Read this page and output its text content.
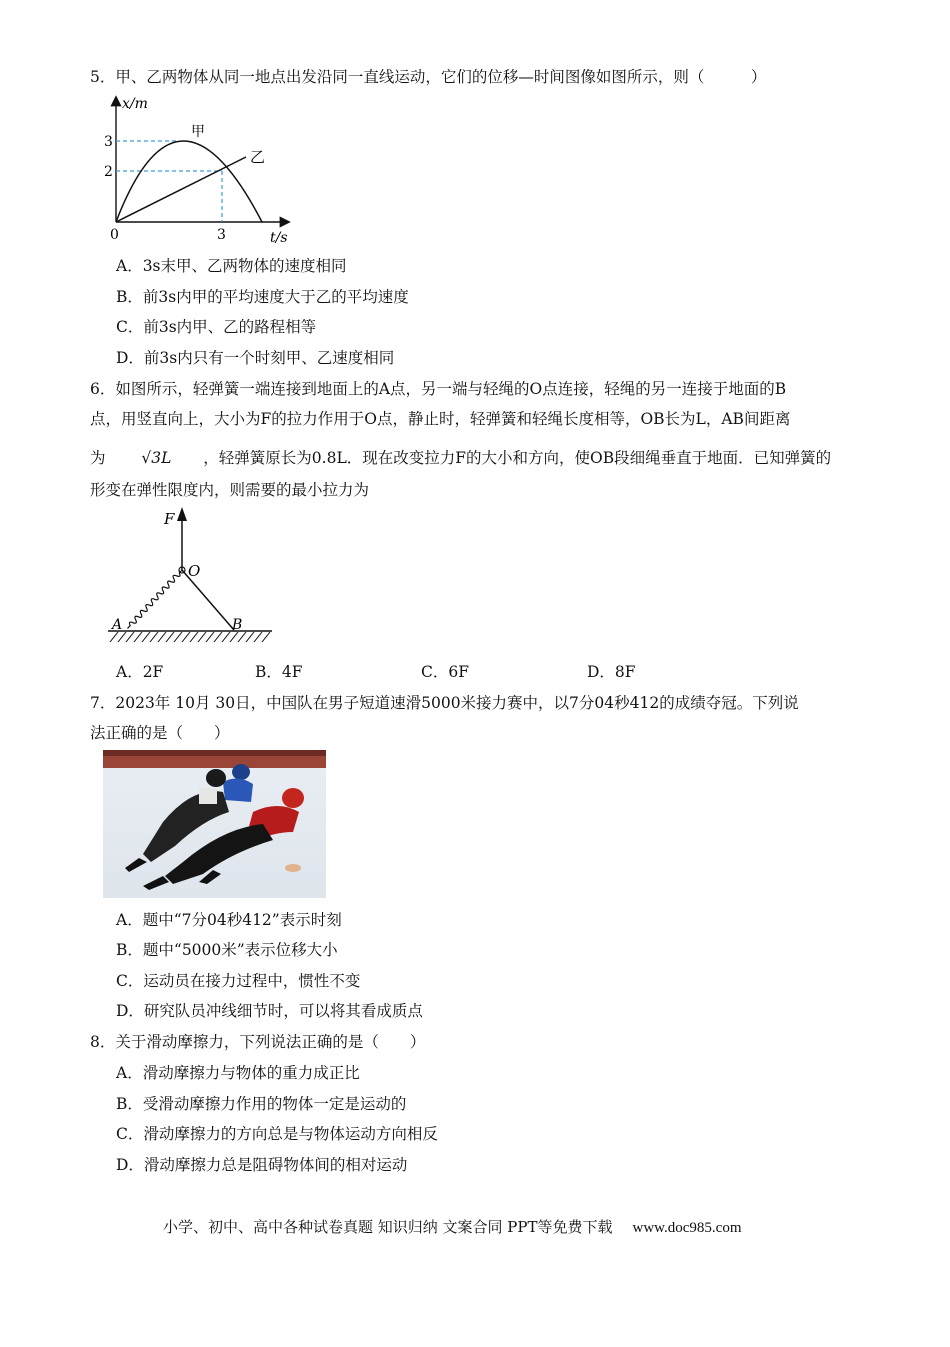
5．甲、乙两物体从同一地点出发沿同一直线运动，它们的位移—时间图像如图所示，则（　　　）
x/m
t/s
0
3
2
3
甲
乙
A．3s末甲、乙两物体的速度相同
B．前3s内甲的平均速度大于乙的平均速度
C．前3s内甲、乙的路程相等
D．前3s内只有一个时刻甲、乙速度相同
6．如图所示，轻弹簧一端连接到地面上的A点，另一端与轻绳的O点连接，轻绳的另一连接于地面的B
点，用竖直向上，大小为F的拉力作用于O点，静止时，轻弹簧和轻绳长度相等，OB长为L，AB间距离
为 √3L ，轻弹簧原长为0.8L．现在改变拉力F的大小和方向，使OB段细绳垂直于地面．已知弹簧的
形变在弹性限度内，则需要的最小拉力为
F
O
A	B
A．2F	B．4F	C．6F	D．8F
7．2023年 10月 30日，中国队在男子短道速滑5000米接力赛中，以7分04秒412的成绩夺冠。下列说
法正确的是（　　）
A．题中“7分04秒412”表示时刻
B．题中“5000米”表示位移大小
C．运动员在接力过程中，惯性不变
D．研究队员冲线细节时，可以将其看成质点
8．关于滑动摩擦力，下列说法正确的是（　　）
A．滑动摩擦力与物体的重力成正比
B．受滑动摩擦力作用的物体一定是运动的
C．滑动摩擦力的方向总是与物体运动方向相反
D．滑动摩擦力总是阻碍物体间的相对运动
小学、初中、高中各种试卷真题 知识归纳 文案合同 PPT等免费下载 www.doc985.com
